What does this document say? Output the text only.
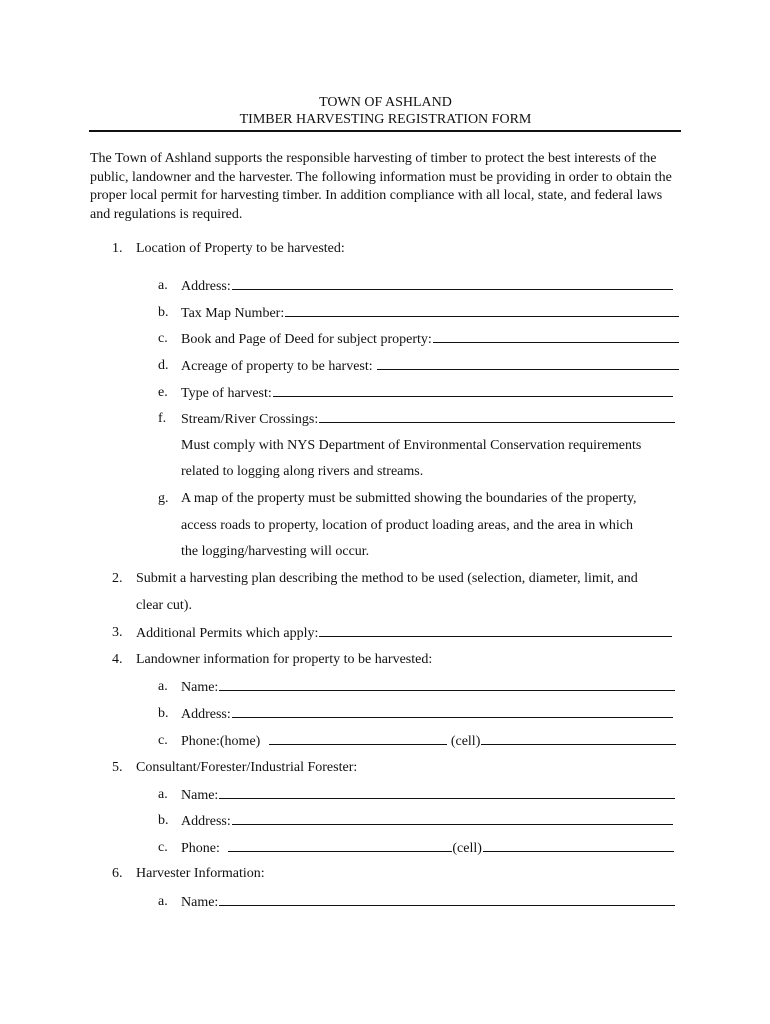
TOWN OF ASHLAND
TIMBER HARVESTING REGISTRATION FORM

The Town of Ashland supports the responsible harvesting of timber to protect the best interests of the public, landowner and the harvester. The following information must be providing in order to obtain the proper local permit for harvesting timber. In addition compliance with all local, state, and federal laws and regulations is required.

1. Location of Property to be harvested:
a. Address:
b. Tax Map Number:
c. Book and Page of Deed for subject property:
d. Acreage of property to be harvest:
e. Type of harvest:
f. Stream/River Crossings:
Must comply with NYS Department of Environmental Conservation requirements
related to logging along rivers and streams.
g. A map of the property must be submitted showing the boundaries of the property,
access roads to property, location of product loading areas, and the area in which
the logging/harvesting will occur.
2. Submit a harvesting plan describing the method to be used (selection, diameter, limit, and
clear cut).
3. Additional Permits which apply:
4. Landowner information for property to be harvested:
a. Name:
b. Address:
c. Phone:(home)	(cell)
5. Consultant/Forester/Industrial Forester:
a. Name:
b. Address:
c. Phone:	(cell)
6. Harvester Information:
a. Name:
